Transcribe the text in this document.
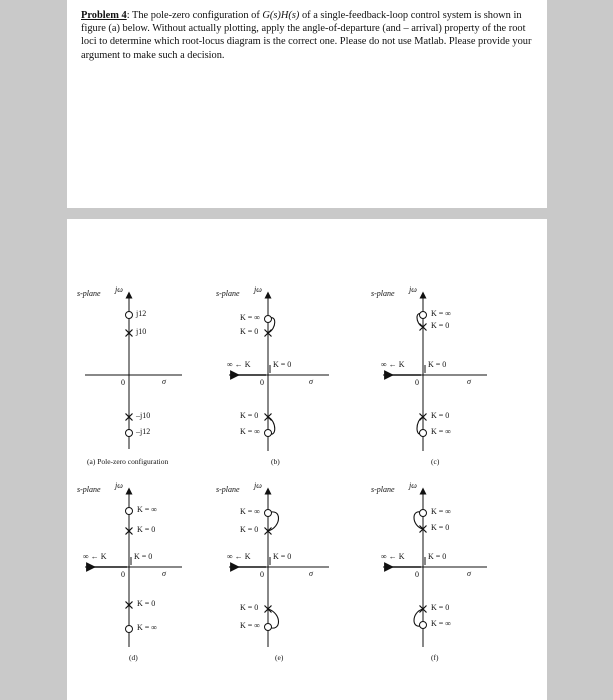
Problem 4: The pole-zero configuration of G(s)H(s) of a single-feedback-loop control system is shown in figure (a) below. Without actually plotting, apply the angle-of-departure (and – arrival) property of the root loci to determine which root-locus diagram is the correct one. Please do not use Matlab. Please provide your argument to make such a decision.
(a) Pole-zero configuration	(b)	(c)
(d)	(e)	(f)
s-plane jω
σ
0
j12
j10
–j10
–j12
s-plane jω
σ
0
∞ ← K	K = 0
K = ∞
K = 0
K = 0
K = ∞
s-plane jω
σ
0
∞ ← K	K = 0
K = ∞
K = 0
K = 0
K = ∞
s-plane jω
σ
0
∞ ← K	K = 0
K = ∞
K = 0
K = 0
K = ∞
s-plane jω
σ
0
∞ ← K	K = 0
K = ∞
K = 0
K = 0
K = ∞
s-plane jω
σ
0
∞ ← K	K = 0
K = ∞
K = 0
K = 0
K = ∞
